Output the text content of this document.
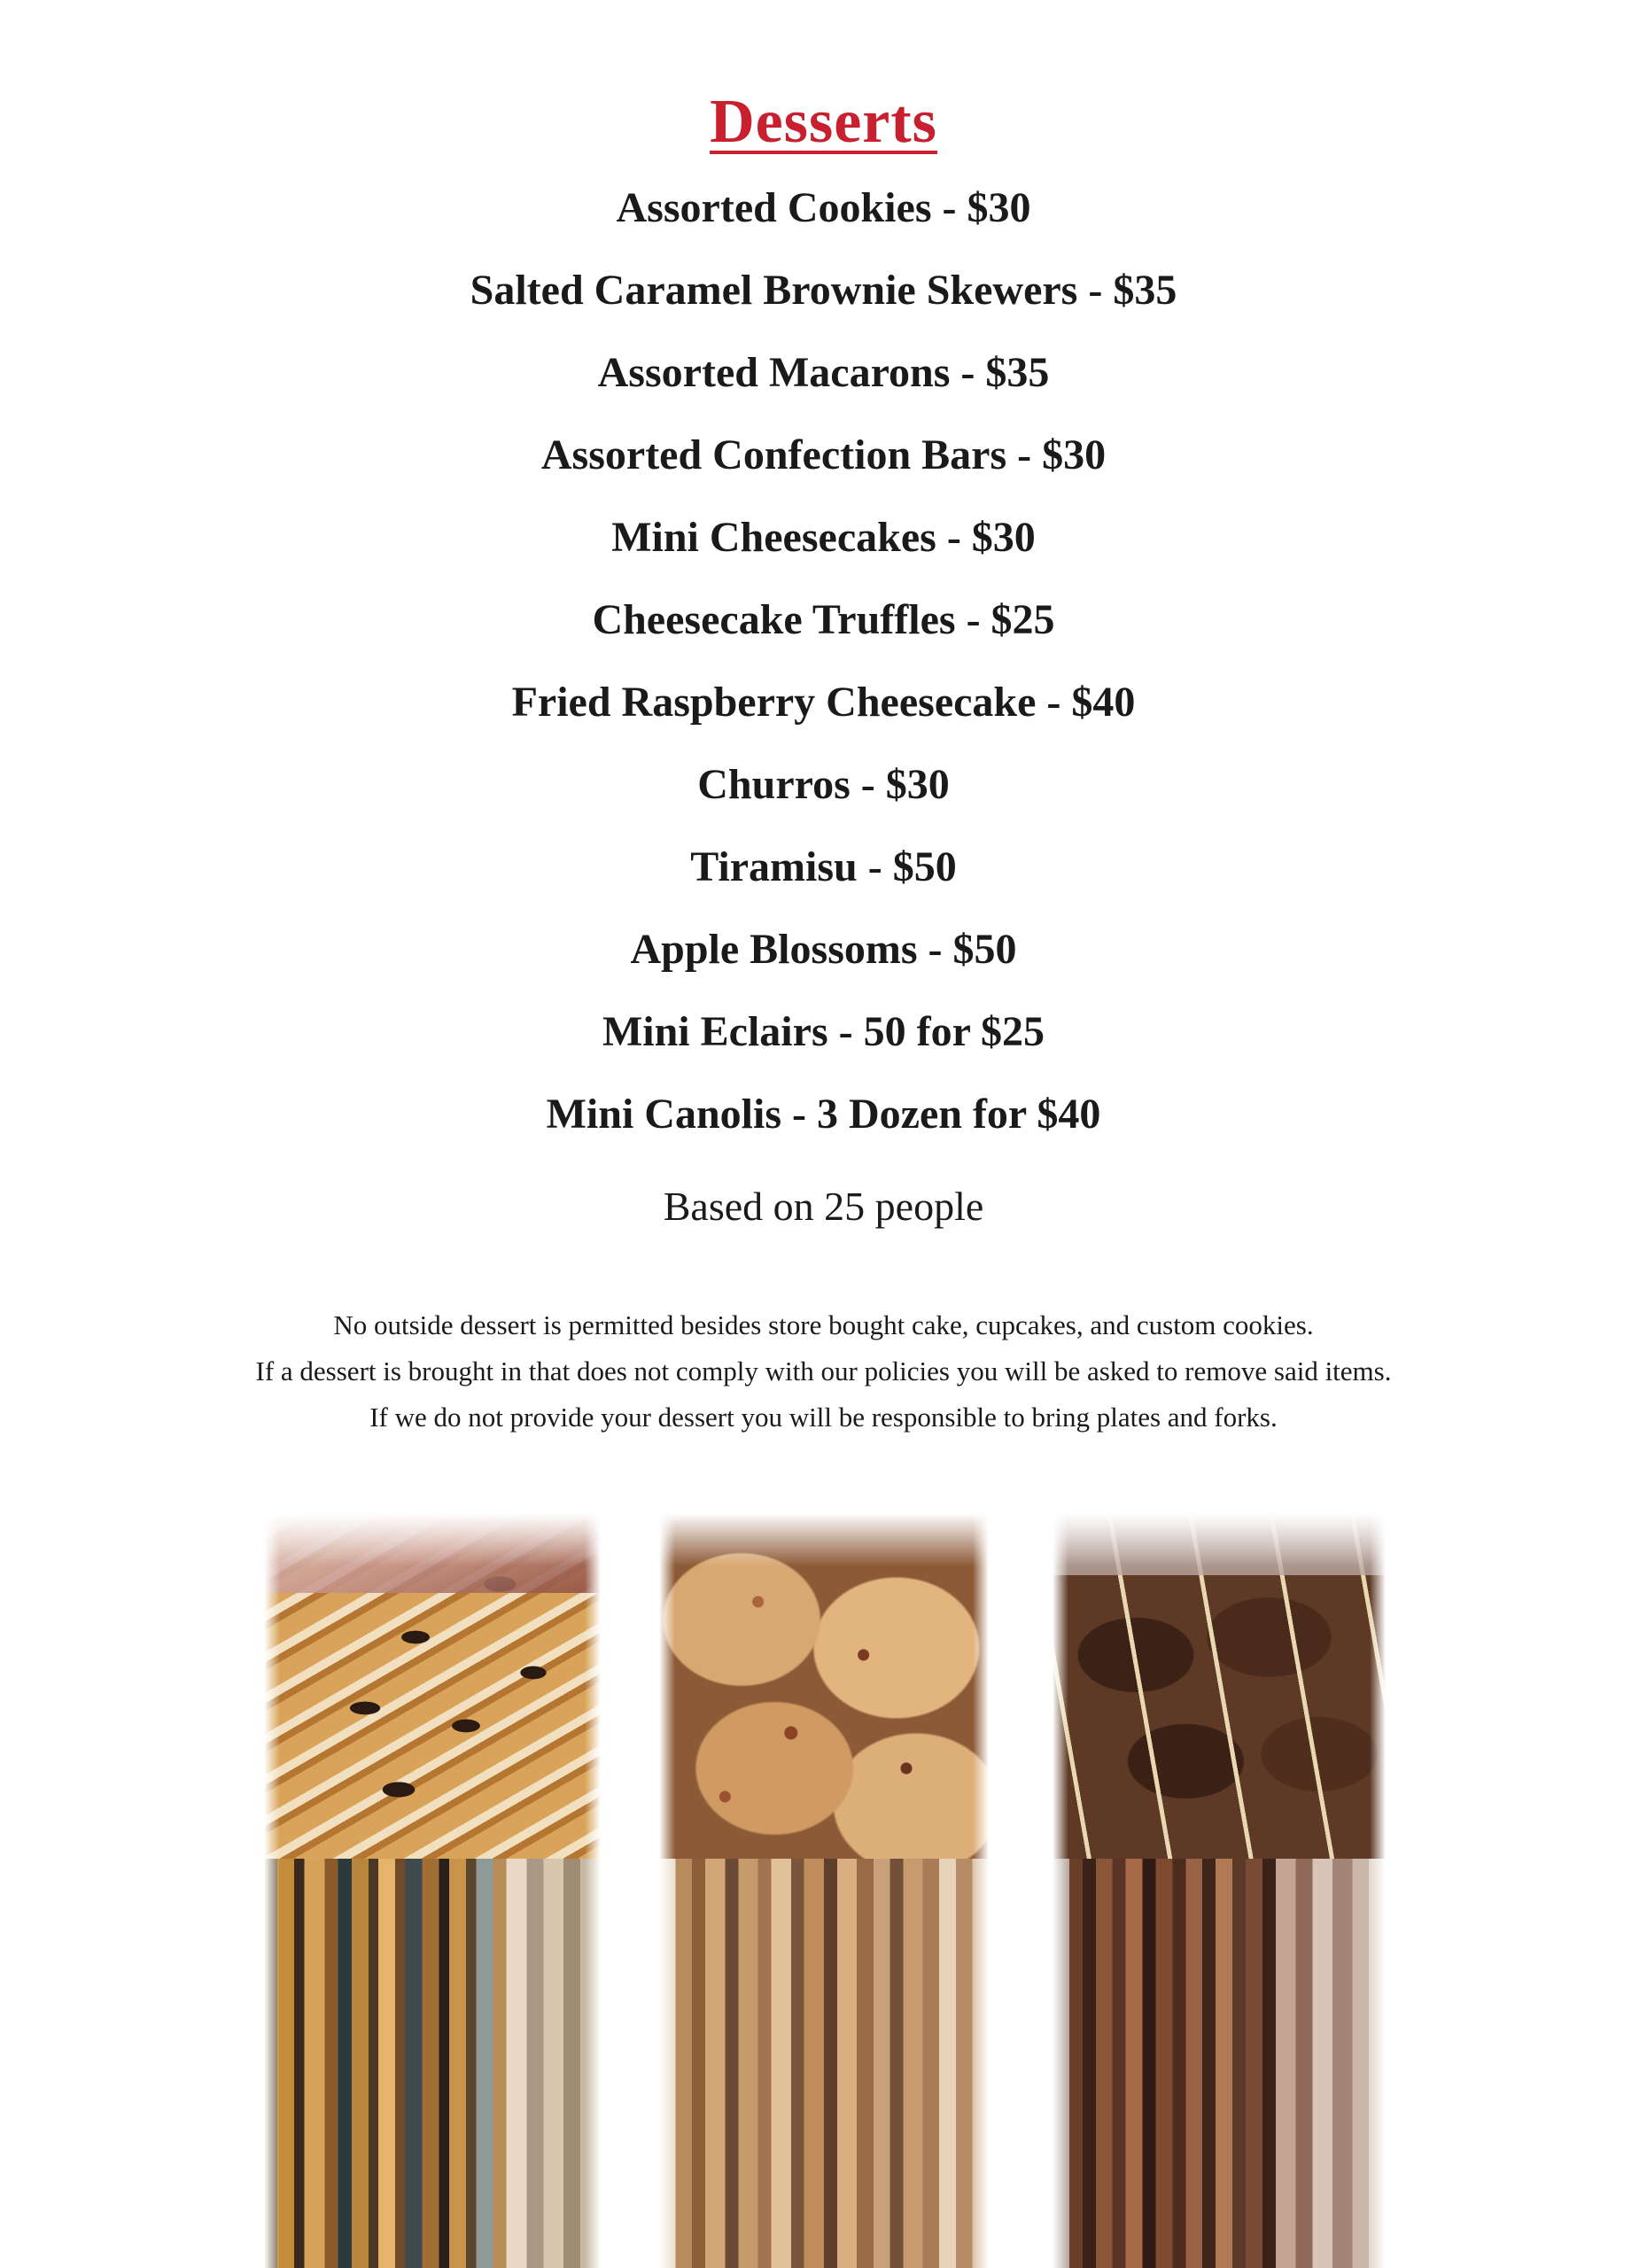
Desserts
Assorted Cookies - $30
Salted Caramel Brownie Skewers - $35
Assorted Macarons - $35
Assorted Confection Bars - $30
Mini Cheesecakes - $30
Cheesecake Truffles - $25
Fried Raspberry Cheesecake - $40
Churros - $30
Tiramisu - $50
Apple Blossoms - $50
Mini Eclairs - 50 for $25
Mini Canolis - 3 Dozen for $40
Based on 25 people
No outside dessert is permitted besides store bought cake, cupcakes, and custom cookies.
If a dessert is brought in that does not comply with our policies you will be asked to remove said items.
If we do not provide your dessert you will be responsible to bring plates and forks.
